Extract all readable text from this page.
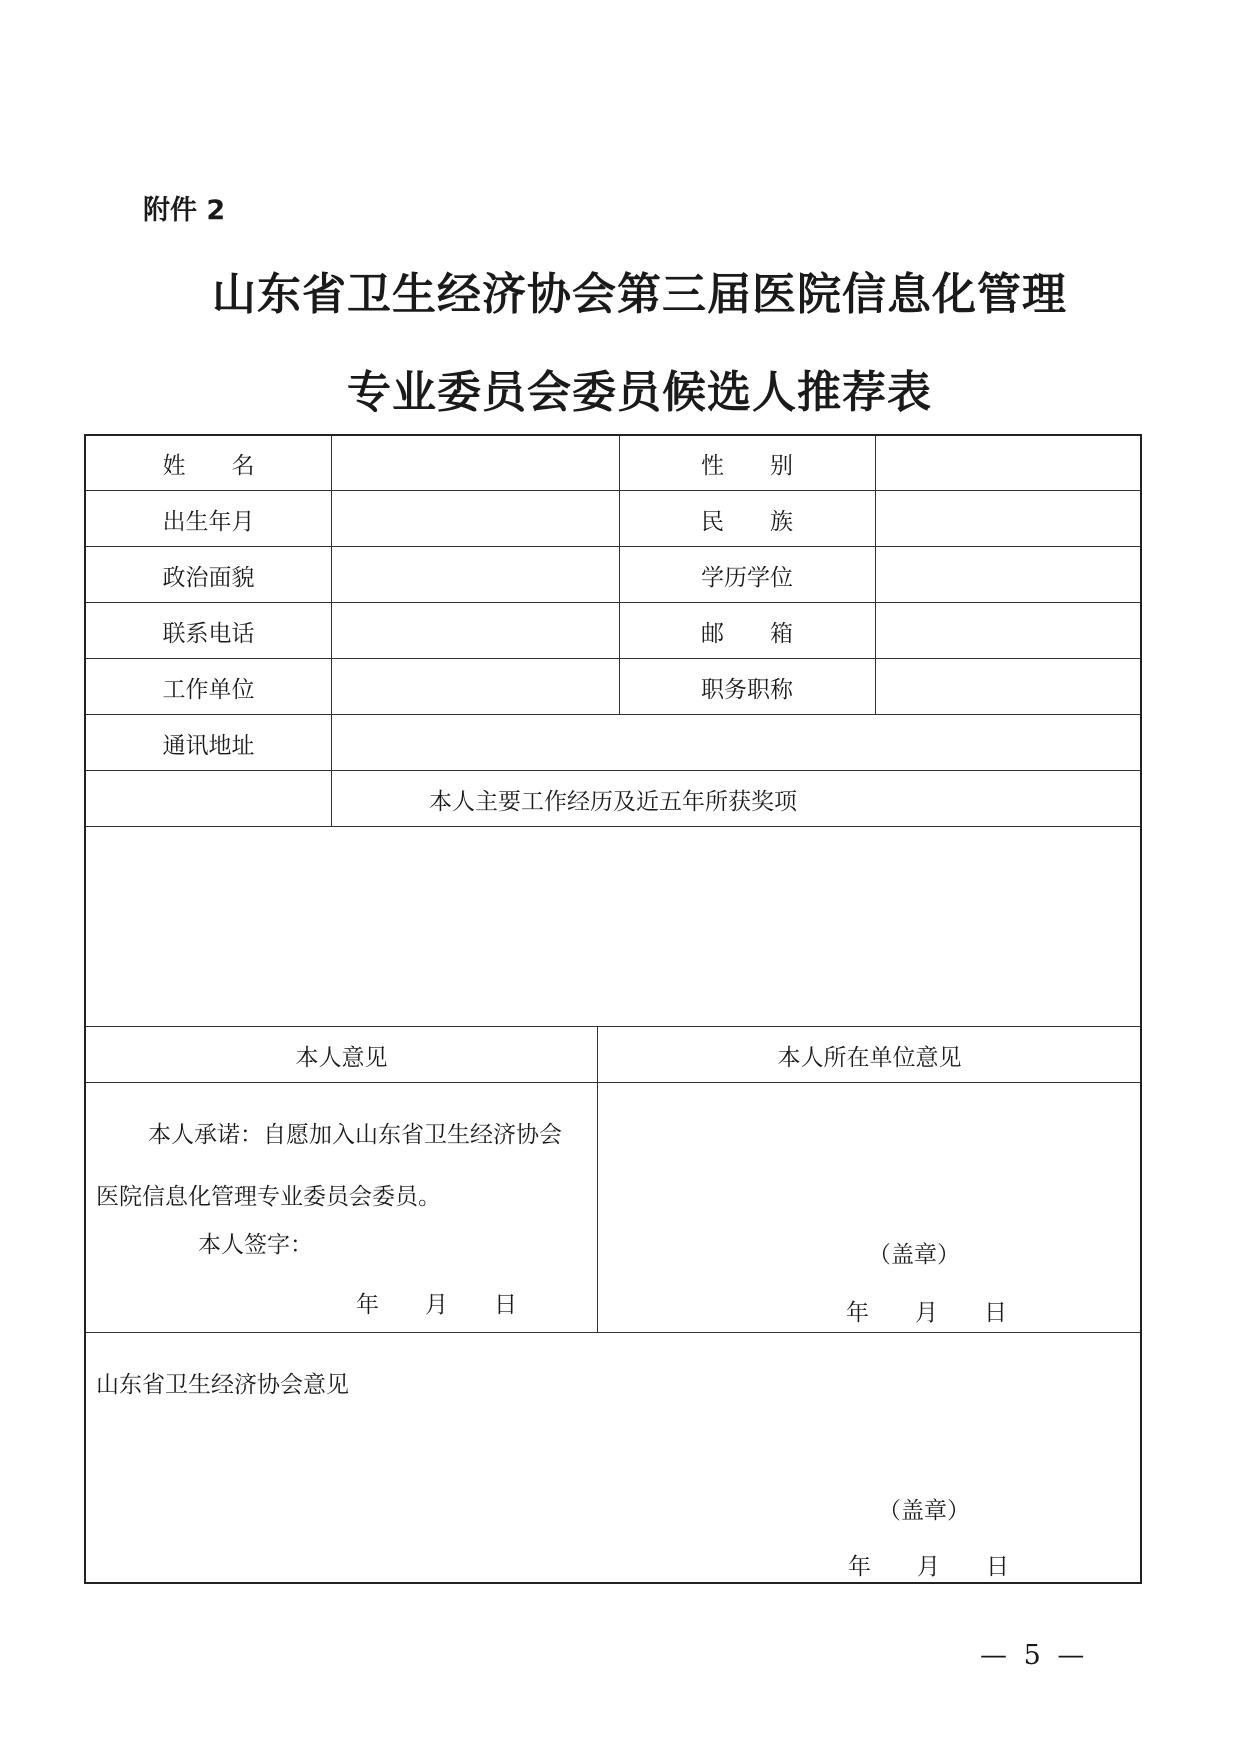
附件 2
山东省卫生经济协会第三届医院信息化管理
专业委员会委员候选人推荐表
姓　　名	性　　别
出生年月	民　　族
政治面貌	学历学位
联系电话	邮　　箱
工作单位	职务职称
通讯地址
本人主要工作经历及近五年所获奖项
本人意见	本人所在单位意见
本人承诺：自愿加入山东省卫生经济协会
医院信息化管理专业委员会委员。
本人签字：
年　　月　　日
（盖章）
年　　月　　日
山东省卫生经济协会意见
（盖章）
年　　月　　日
— 5 —
